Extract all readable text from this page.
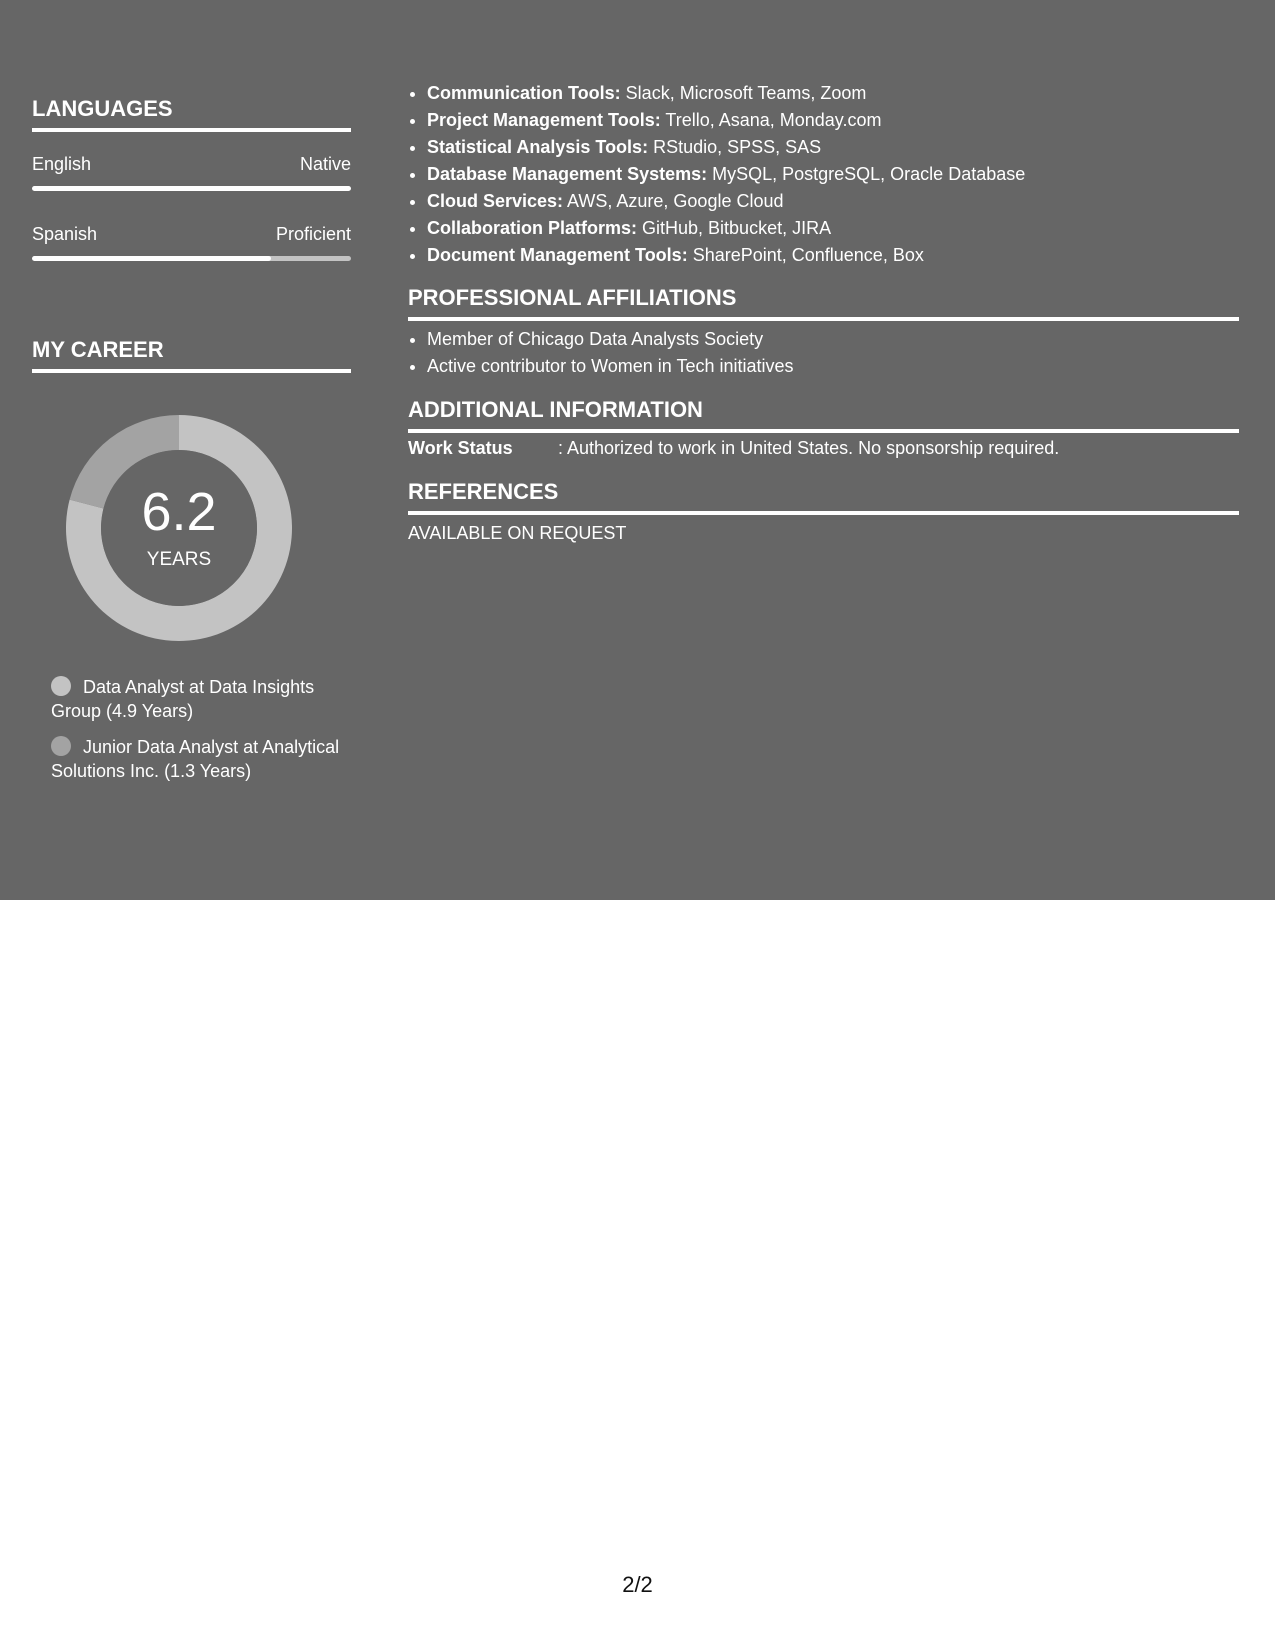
LANGUAGES
English	Native
Spanish	Proficient
MY CAREER
6.2
YEARS
Data Analyst at Data Insights Group (4.9 Years)
Junior Data Analyst at Analytical Solutions Inc. (1.3 Years)
• Communication Tools: Slack, Microsoft Teams, Zoom
• Project Management Tools: Trello, Asana, Monday.com
• Statistical Analysis Tools: RStudio, SPSS, SAS
• Database Management Systems: MySQL, PostgreSQL, Oracle Database
• Cloud Services: AWS, Azure, Google Cloud
• Collaboration Platforms: GitHub, Bitbucket, JIRA
• Document Management Tools: SharePoint, Confluence, Box
PROFESSIONAL AFFILIATIONS
• Member of Chicago Data Analysts Society
• Active contributor to Women in Tech initiatives
ADDITIONAL INFORMATION
Work Status	: Authorized to work in United States. No sponsorship required.
REFERENCES
AVAILABLE ON REQUEST
2/2
